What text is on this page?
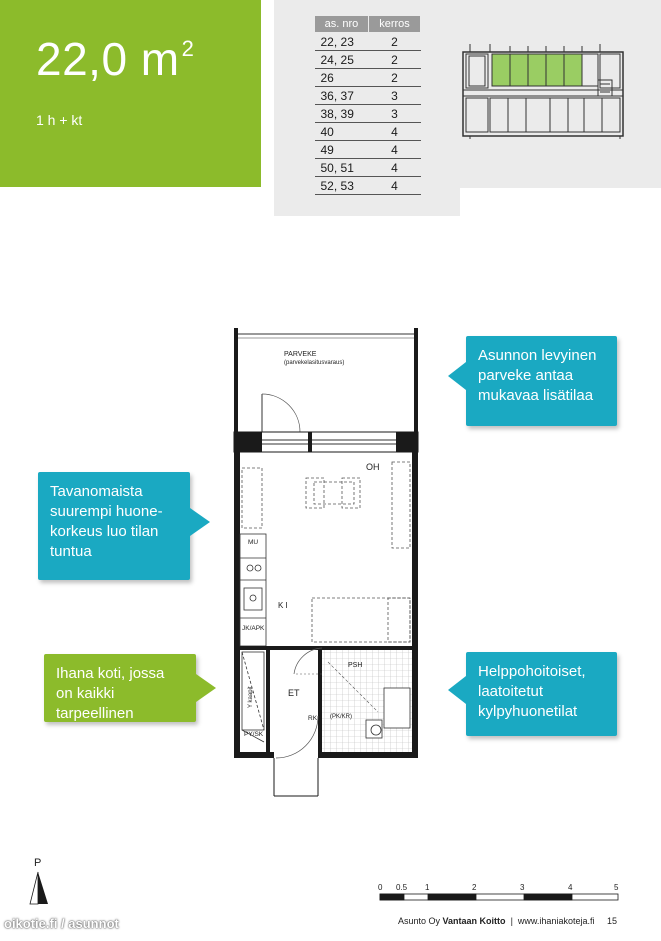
22,0 $m^2$
1 h + kt
as. nro	kerros
22, 23	2
24, 25	2
26	2
36, 37	3
38, 39	3
40	4
49	4
50, 51	4
52, 53	4
PARVEKE
(parvekelasitusvaraus)
OH
K I
MU
JK/APK
Y kaapit
PY/SK
ET
RK
PSH
(PK/KR)
Asunnon levyinen parveke antaa mukavaa lisätilaa
Tavanomaista suurempi huone-korkeus luo tilan tuntua
Ihana koti, jossa on kaikki tarpeellinen
Helppohoitoiset, laatoitetut kylpyhuonetilat
P
0 0.5 1	2	3	4	5
Asunto Oy Vantaan Koitto | www.ihaniakoteja.fi 15
oikotie.fi / asunnot
